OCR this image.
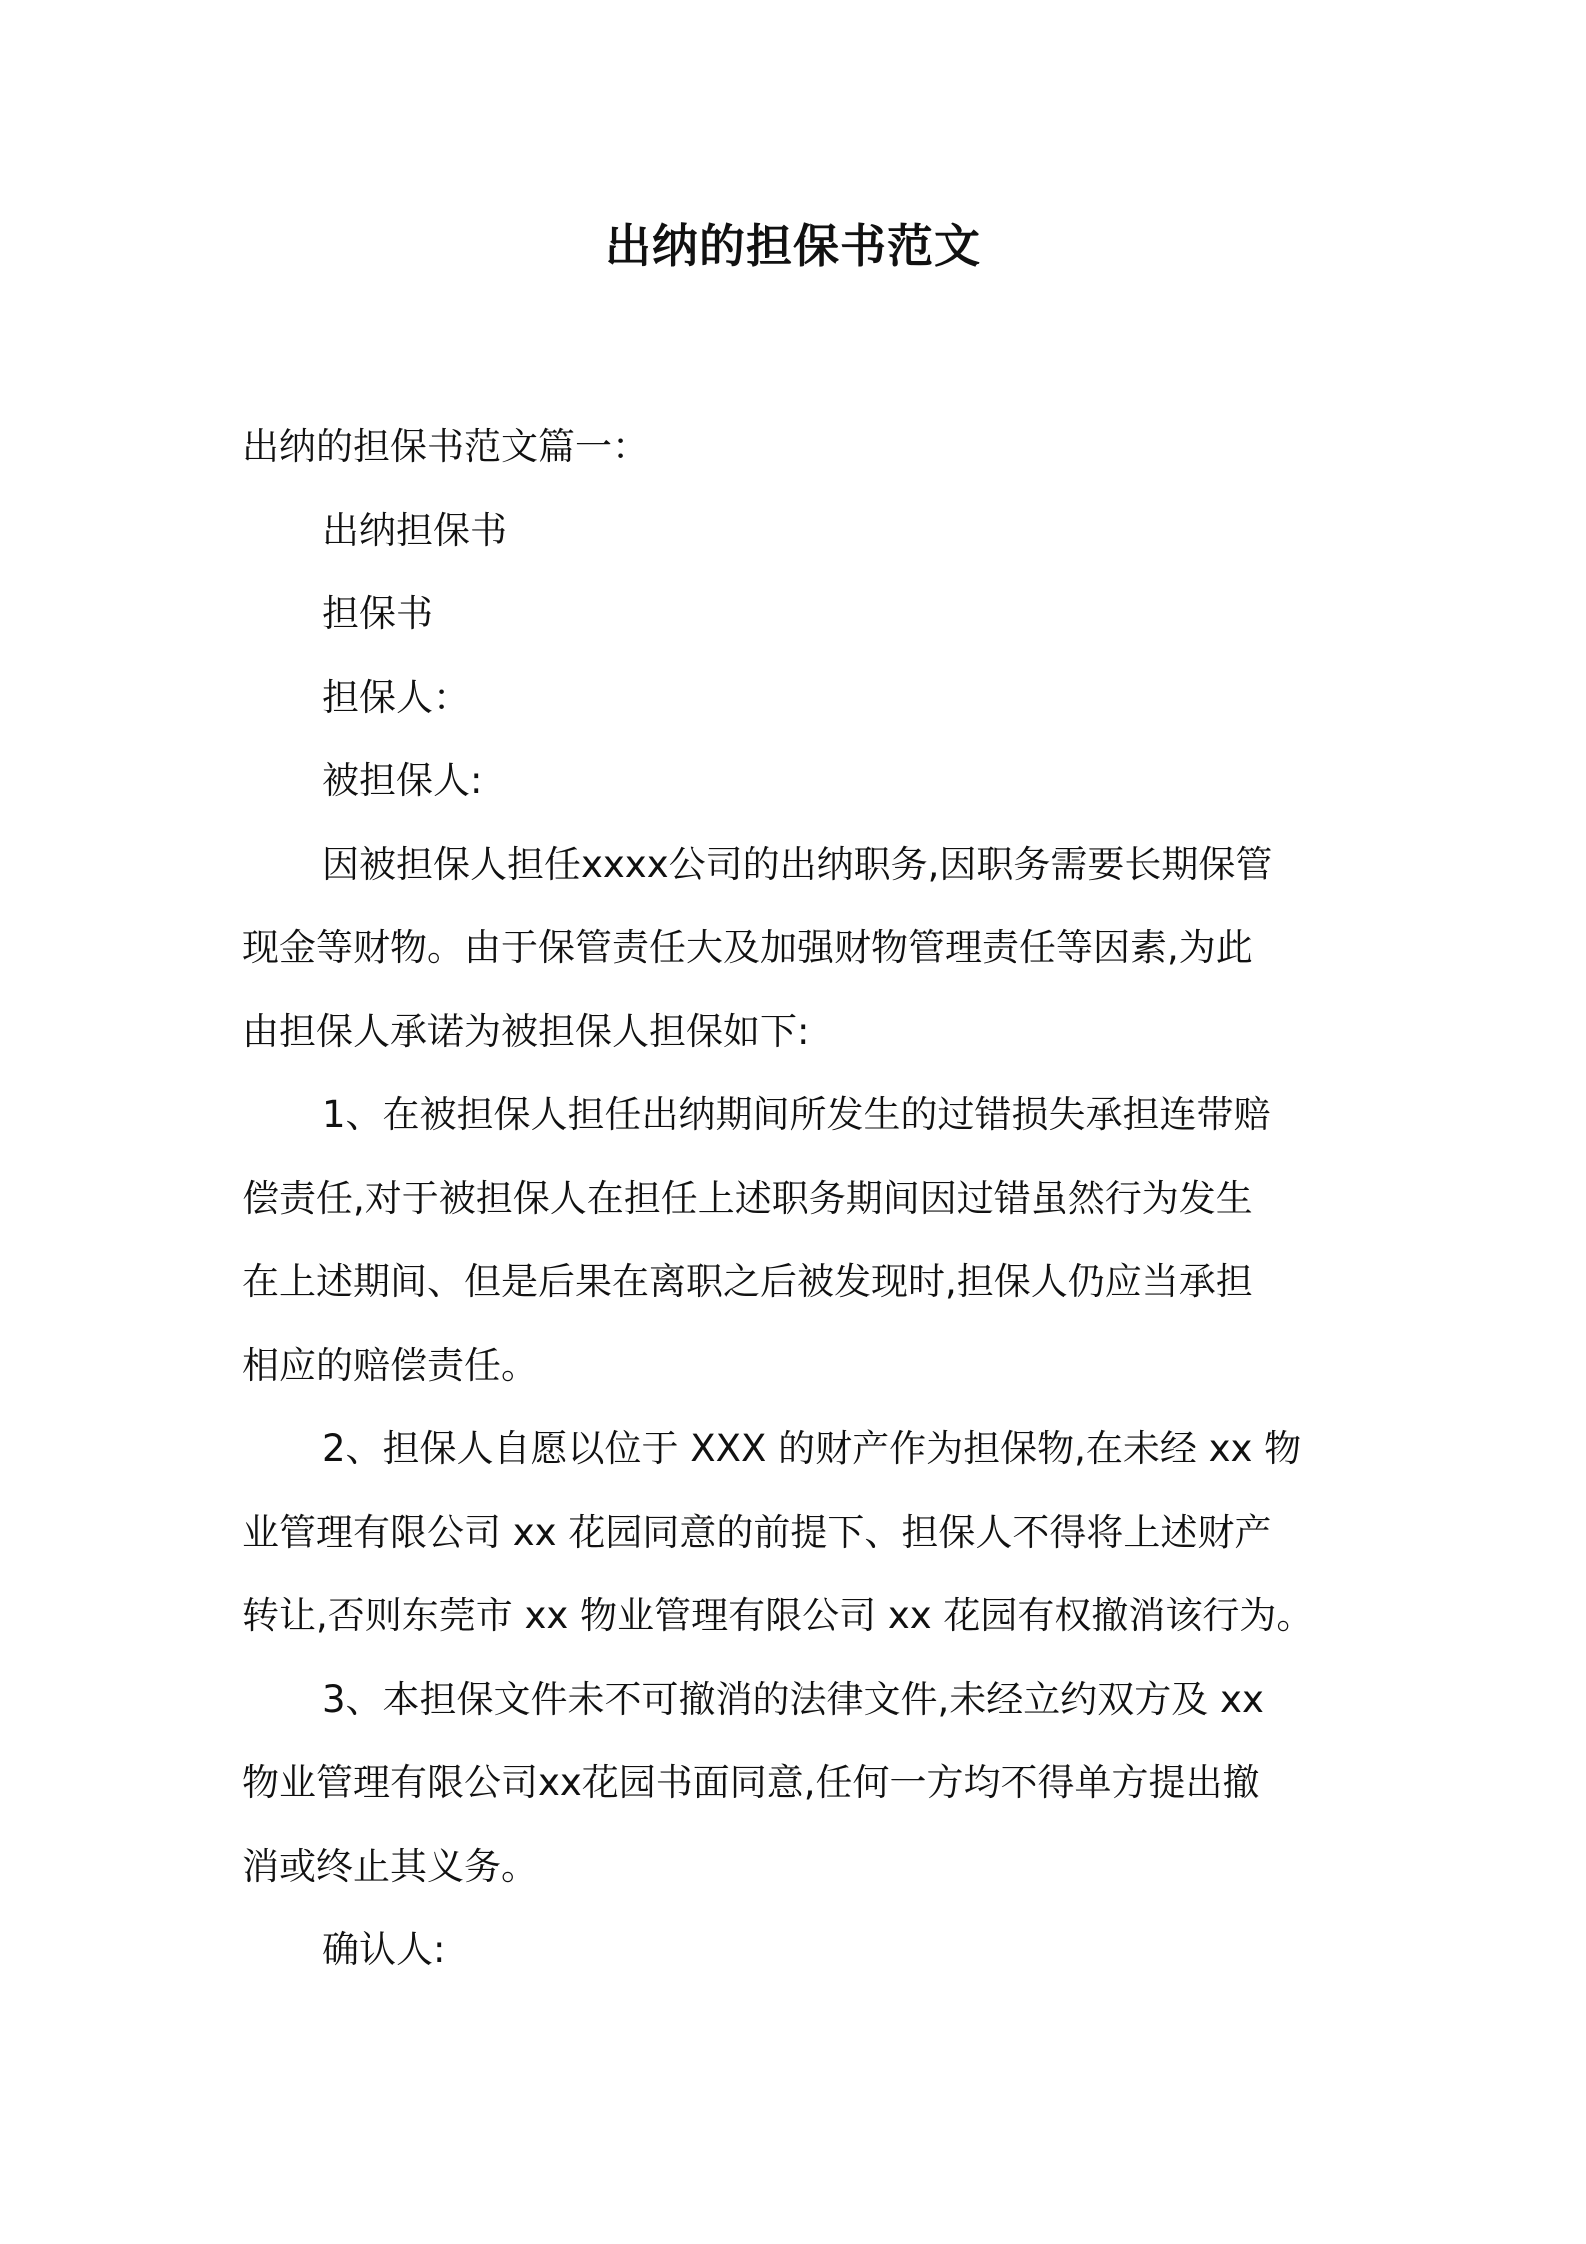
出纳的担保书范文
出纳的担保书范文篇一：
出纳担保书
担保书
担保人：
被担保人:
因被担保人担任xxxx公司的出纳职务,因职务需要长期保管
现金等财物。由于保管责任大及加强财物管理责任等因素,为此
由担保人承诺为被担保人担保如下:
1、在被担保人担任出纳期间所发生的过错损失承担连带赔
偿责任,对于被担保人在担任上述职务期间因过错虽然行为发生
在上述期间、但是后果在离职之后被发现时,担保人仍应当承担
相应的赔偿责任。
2、担保人自愿以位于 XXX 的财产作为担保物,在未经 xx 物
业管理有限公司 xx 花园同意的前提下、担保人不得将上述财产
转让,否则东莞市 xx 物业管理有限公司 xx 花园有权撤消该行为。
3、本担保文件未不可撤消的法律文件,未经立约双方及 xx
物业管理有限公司xx花园书面同意,任何一方均不得单方提出撤
消或终止其义务。
确认人:
